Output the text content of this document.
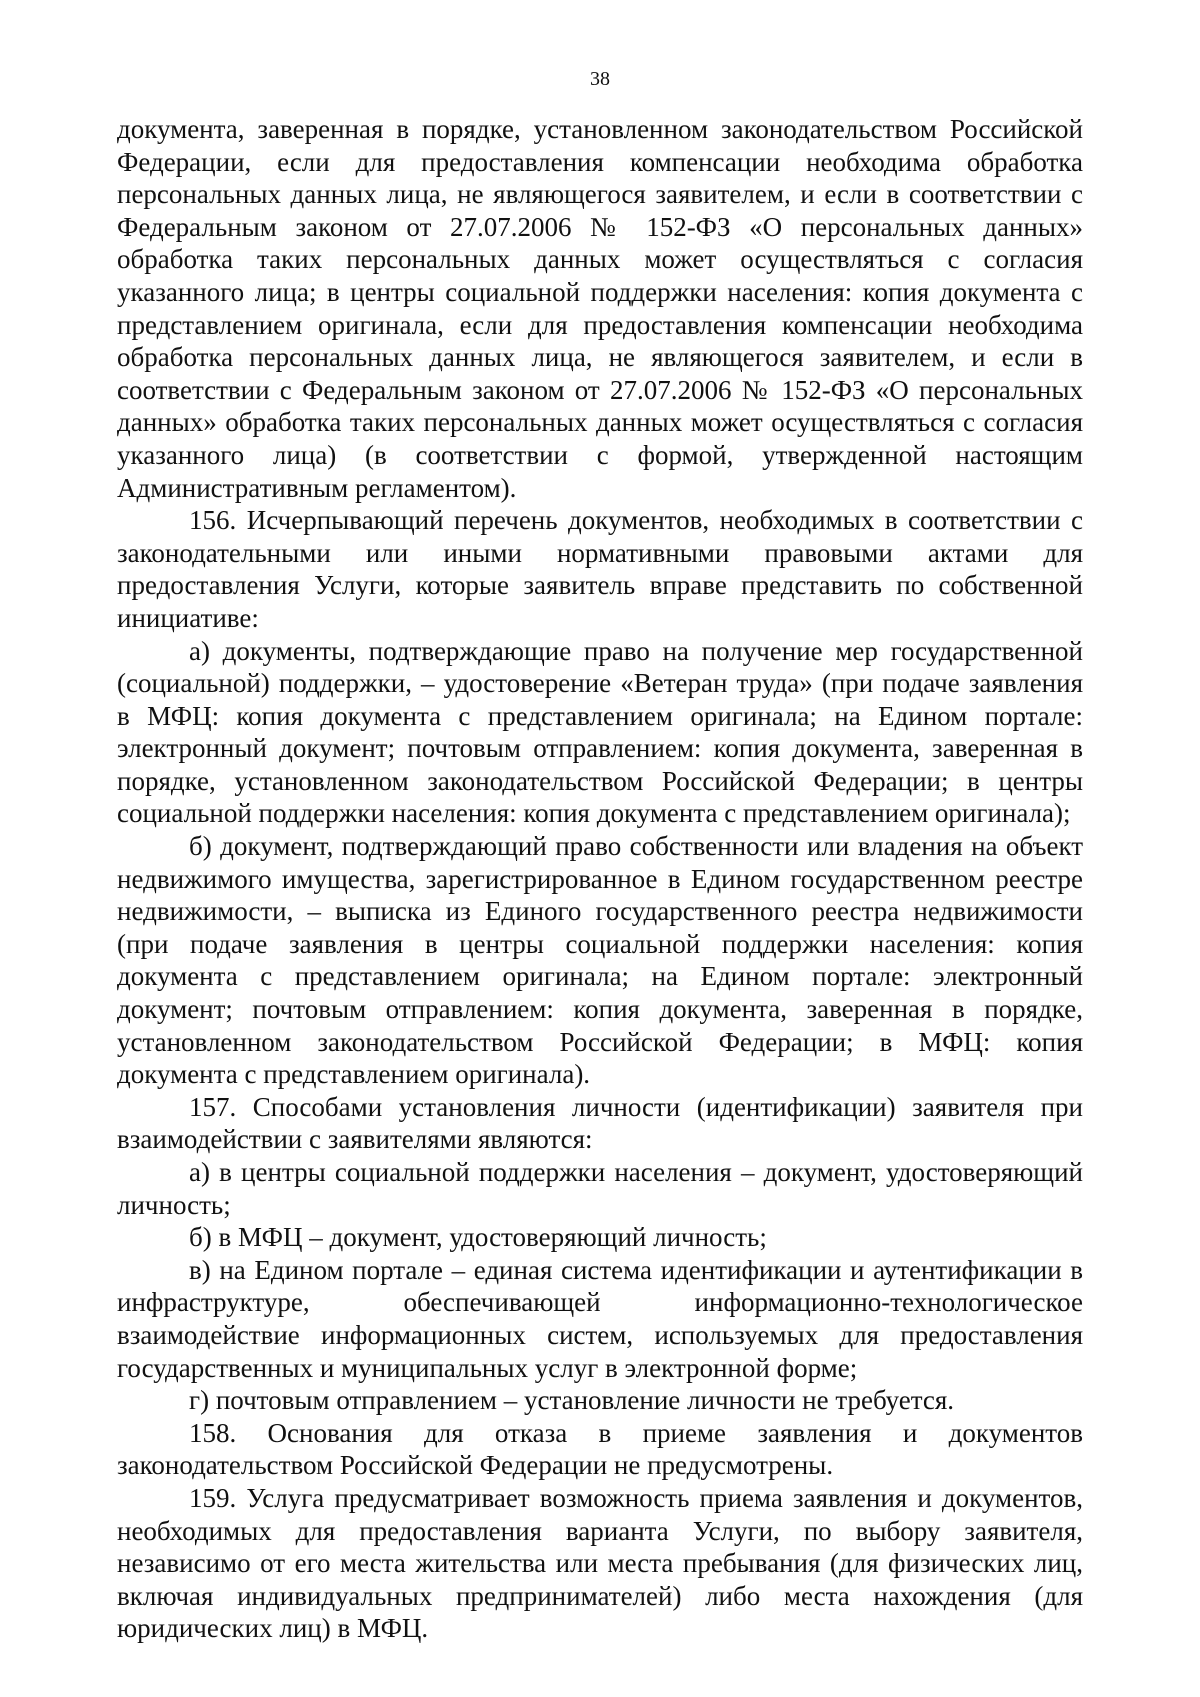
38

документа, заверенная в порядке, установленном законодательством Российской Федерации, если для предоставления компенсации необходима обработка персональных данных лица, не являющегося заявителем, и если в соответствии с Федеральным законом от 27.07.2006 № 152-ФЗ «О персональных данных» обработка таких персональных данных может осуществляться с согласия указанного лица; в центры социальной поддержки населения: копия документа с представлением оригинала, если для предоставления компенсации необходима обработка персональных данных лица, не являющегося заявителем, и если в соответствии с Федеральным законом от 27.07.2006 № 152-ФЗ «О персональных данных» обработка таких персональных данных может осуществляться с согласия указанного лица) (в соответствии с формой, утвержденной настоящим Административным регламентом).

156. Исчерпывающий перечень документов, необходимых в соответствии с законодательными или иными нормативными правовыми актами для предоставления Услуги, которые заявитель вправе представить по собственной инициативе:

а) документы, подтверждающие право на получение мер государственной (социальной) поддержки, – удостоверение «Ветеран труда» (при подаче заявления в МФЦ: копия документа с представлением оригинала; на Едином портале: электронный документ; почтовым отправлением: копия документа, заверенная в порядке, установленном законодательством Российской Федерации; в центры социальной поддержки населения: копия документа с представлением оригинала);

б) документ, подтверждающий право собственности или владения на объект недвижимого имущества, зарегистрированное в Едином государственном реестре недвижимости, – выписка из Единого государственного реестра недвижимости (при подаче заявления в центры социальной поддержки населения: копия документа с представлением оригинала; на Едином портале: электронный документ; почтовым отправлением: копия документа, заверенная в порядке, установленном законодательством Российской Федерации; в МФЦ: копия документа с представлением оригинала).

157. Способами установления личности (идентификации) заявителя при взаимодействии с заявителями являются:

а) в центры социальной поддержки населения – документ, удостоверяющий личность;

б) в МФЦ – документ, удостоверяющий личность;

в) на Едином портале – единая система идентификации и аутентификации в инфраструктуре, обеспечивающей информационно-технологическое взаимодействие информационных систем, используемых для предоставления государственных и муниципальных услуг в электронной форме;

г) почтовым отправлением – установление личности не требуется.

158. Основания для отказа в приеме заявления и документов законодательством Российской Федерации не предусмотрены.

159. Услуга предусматривает возможность приема заявления и документов, необходимых для предоставления варианта Услуги, по выбору заявителя, независимо от его места жительства или места пребывания (для физических лиц, включая индивидуальных предпринимателей) либо места нахождения (для юридических лиц) в МФЦ.
